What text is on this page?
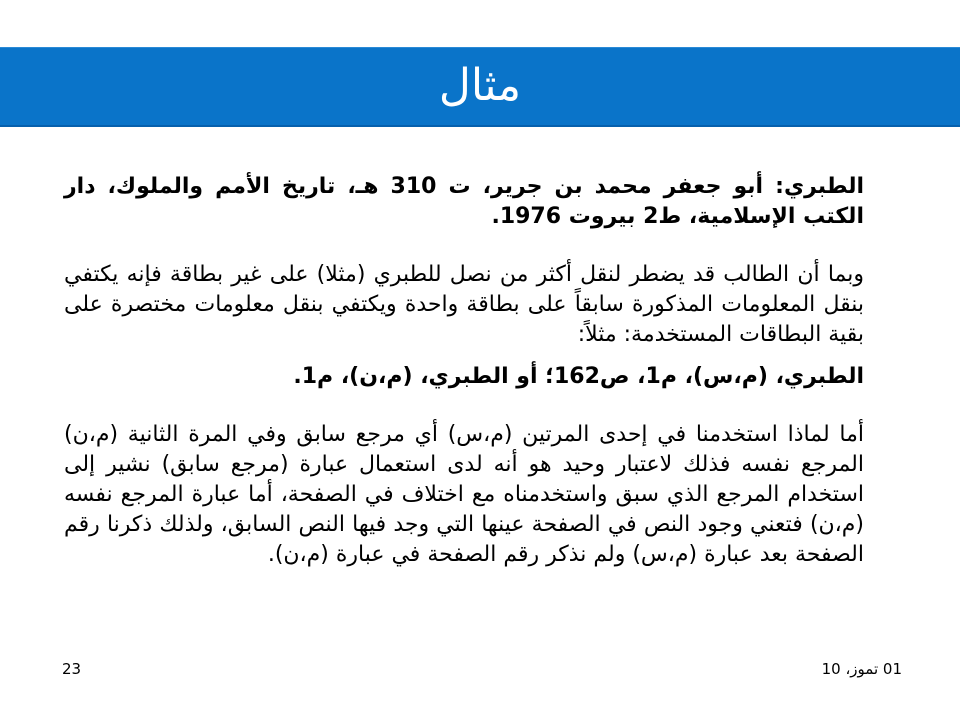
مثال

الطبري: أبو جعفر محمد بن جرير، ت 310 هـ، تاريخ الأمم والملوك، دار الكتب الإسلامية، ط2 بيروت 1976.

وبما أن الطالب قد يضطر لنقل أكثر من نصل للطبري (مثلا) على غير بطاقة فإنه يكتفي بنقل المعلومات المذكورة سابقاً على بطاقة واحدة ويكتفي بنقل معلومات مختصرة على بقية البطاقات المستخدمة: مثلاً:

الطبري، (م،س)، م1، ص162؛ أو الطبري، (م،ن)، م1.

أما لماذا استخدمنا في إحدى المرتين (م،س) أي مرجع سابق وفي المرة الثانية (م،ن) المرجع نفسه فذلك لاعتبار وحيد هو أنه لدى استعمال عبارة (مرجع سابق) نشير إلى استخدام المرجع الذي سبق واستخدمناه مع اختلاف في الصفحة، أما عبارة المرجع نفسه (م،ن) فتعني وجود النص في الصفحة عينها التي وجد فيها النص السابق، ولذلك ذكرنا رقم الصفحة بعد عبارة (م،س) ولم نذكر رقم الصفحة في عبارة (م،ن).

01 تموز، 10
23
